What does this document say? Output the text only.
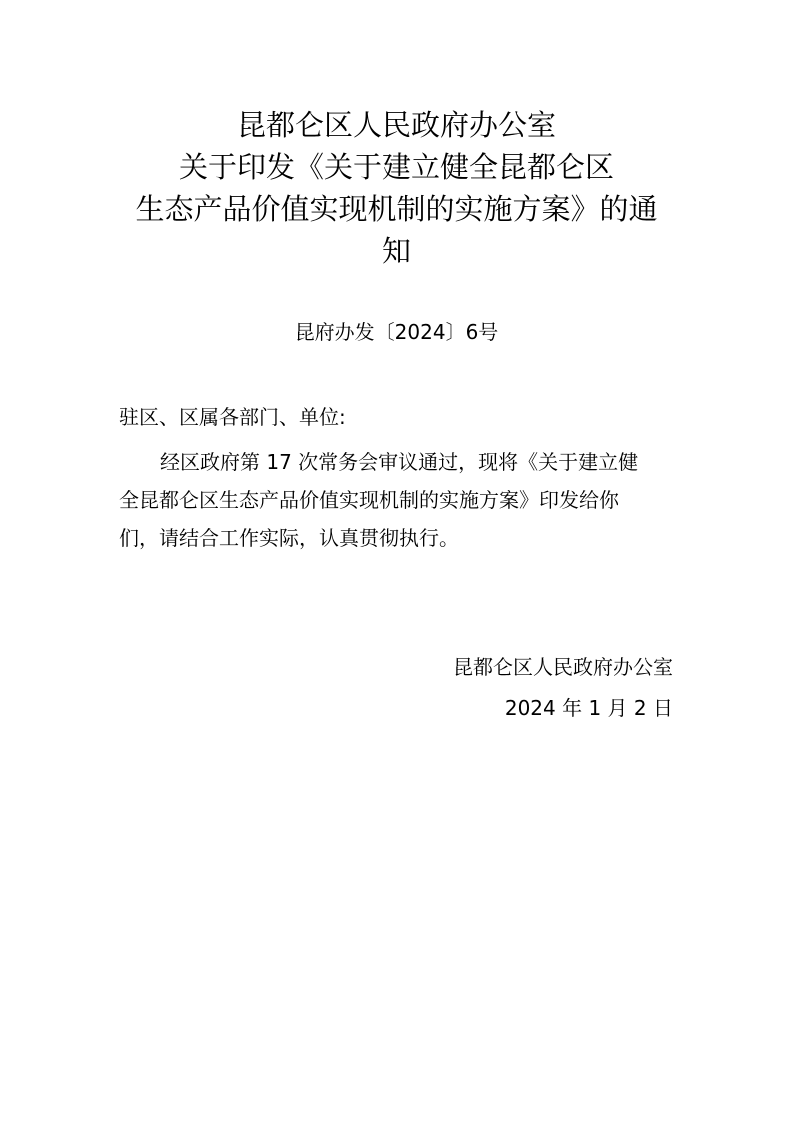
昆都仑区人民政府办公室
关于印发《关于建立健全昆都仑区
生态产品价值实现机制的实施方案》的通
知
昆府办发〔2024〕6号
驻区、区属各部门、单位:
经区政府第 17 次常务会审议通过，现将《关于建立健
全昆都仑区生态产品价值实现机制的实施方案》印发给你
们，请结合工作实际，认真贯彻执行。
昆都仑区人民政府办公室
2024 年 1 月 2 日
